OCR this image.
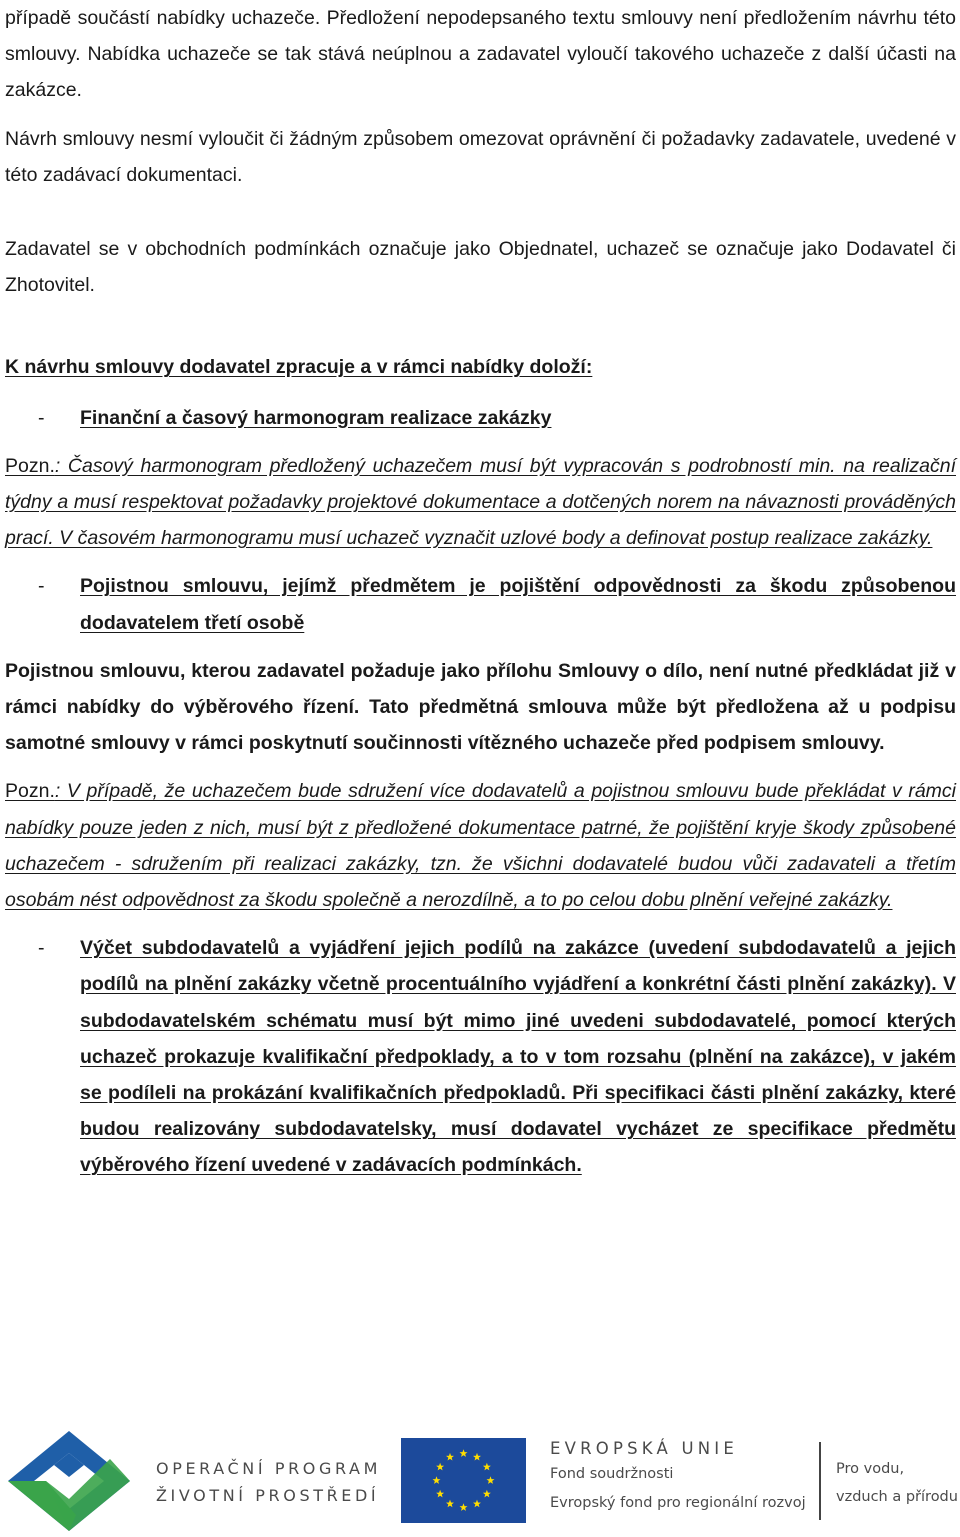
případě součástí nabídky uchazeče. Předložení nepodepsaného textu smlouvy není předložením návrhu této smlouvy. Nabídka uchazeče se tak stává neúplnou a zadavatel vyloučí takového uchazeče z další účasti na zakázce.

Návrh smlouvy nesmí vyloučit či žádným způsobem omezovat oprávnění či požadavky zadavatele, uvedené v této zadávací dokumentaci.

Zadavatel se v obchodních podmínkách označuje jako Objednatel, uchazeč se označuje jako Dodavatel či Zhotovitel.

K návrhu smlouvy dodavatel zpracuje a v rámci nabídky doloží:

-	Finanční a časový harmonogram realizace zakázky

Pozn.: Časový harmonogram předložený uchazečem musí být vypracován s podrobností min. na realizační týdny a musí respektovat požadavky projektové dokumentace a dotčených norem na návaznosti prováděných prací. V časovém harmonogramu musí uchazeč vyznačit uzlové body a definovat postup realizace zakázky.

-	Pojistnou smlouvu, jejímž předmětem je pojištění odpovědnosti za škodu způsobenou dodavatelem třetí osobě

Pojistnou smlouvu, kterou zadavatel požaduje jako přílohu Smlouvy o dílo, není nutné předkládat již v rámci nabídky do výběrového řízení. Tato předmětná smlouva může být předložena až u podpisu samotné smlouvy v rámci poskytnutí součinnosti vítězného uchazeče před podpisem smlouvy.

Pozn.: V případě, že uchazečem bude sdružení více dodavatelů a pojistnou smlouvu bude překládat v rámci nabídky pouze jeden z nich, musí být z předložené dokumentace patrné, že pojištění kryje škody způsobené uchazečem - sdružením při realizaci zakázky, tzn. že všichni dodavatelé budou vůči zadavateli a třetím osobám nést odpovědnost za škodu společně a nerozdílně, a to po celou dobu plnění veřejné zakázky.

-	Výčet subdodavatelů a vyjádření jejich podílů na zakázce (uvedení subdodavatelů a jejich podílů na plnění zakázky včetně procentuálního vyjádření a konkrétní části plnění zakázky). V subdodavatelském schématu musí být mimo jiné uvedeni subdodavatelé, pomocí kterých uchazeč prokazuje kvalifikační předpoklady, a to v tom rozsahu (plnění na zakázce), v jakém se podíleli na prokázání kvalifikačních předpokladů. Při specifikaci části plnění zakázky, které budou realizovány subdodavatelsky, musí dodavatel vycházet ze specifikace předmětu výběrového řízení uvedené v zadávacích podmínkách.

OPERAČNÍ PROGRAM
ŽIVOTNÍ PROSTŘEDÍ
EVROPSKÁ UNIE
Fond soudržnosti
Evropský fond pro regionální rozvoj
Pro vodu,
vzduch a přírodu
